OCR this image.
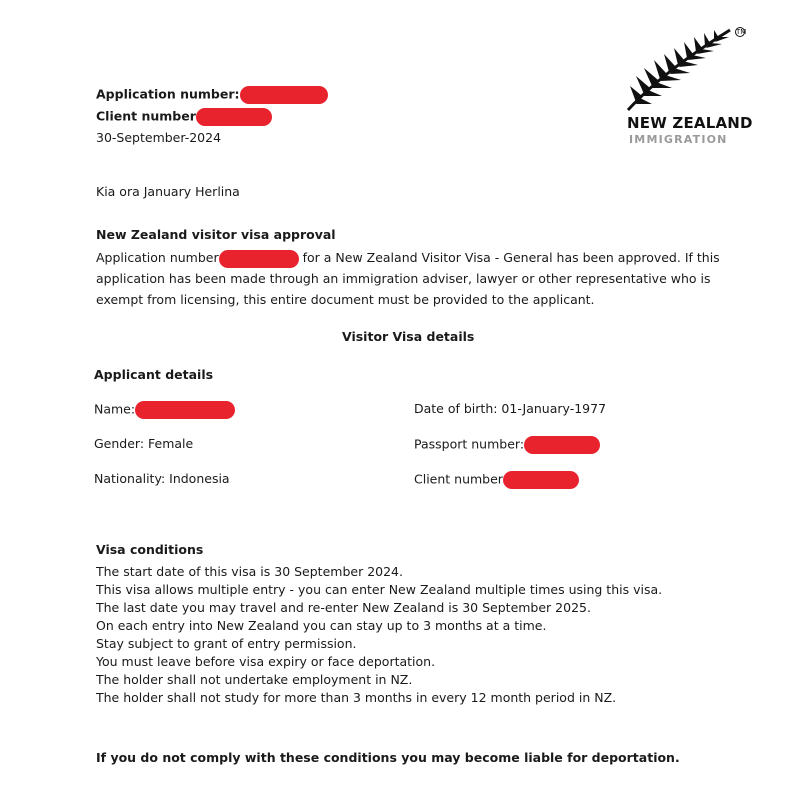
TM
NEW ZEALAND
IMMIGRATION
Application number:
Client number
30-September-2024
Kia ora January Herlina
New Zealand visitor visa approval
Application number	for a New Zealand Visitor Visa - General has been approved. If this
application has been made through an immigration adviser, lawyer or other representative who is
exempt from licensing, this entire document must be provided to the applicant.
Visitor Visa details
Applicant details
Name:	Date of birth: 01-January-1977
Gender: Female	Passport number:
Nationality: Indonesia	Client number
Visa conditions
The start date of this visa is 30 September 2024.
This visa allows multiple entry - you can enter New Zealand multiple times using this visa.
The last date you may travel and re-enter New Zealand is 30 September 2025.
On each entry into New Zealand you can stay up to 3 months at a time.
Stay subject to grant of entry permission.
You must leave before visa expiry or face deportation.
The holder shall not undertake employment in NZ.
The holder shall not study for more than 3 months in every 12 month period in NZ.
If you do not comply with these conditions you may become liable for deportation.
